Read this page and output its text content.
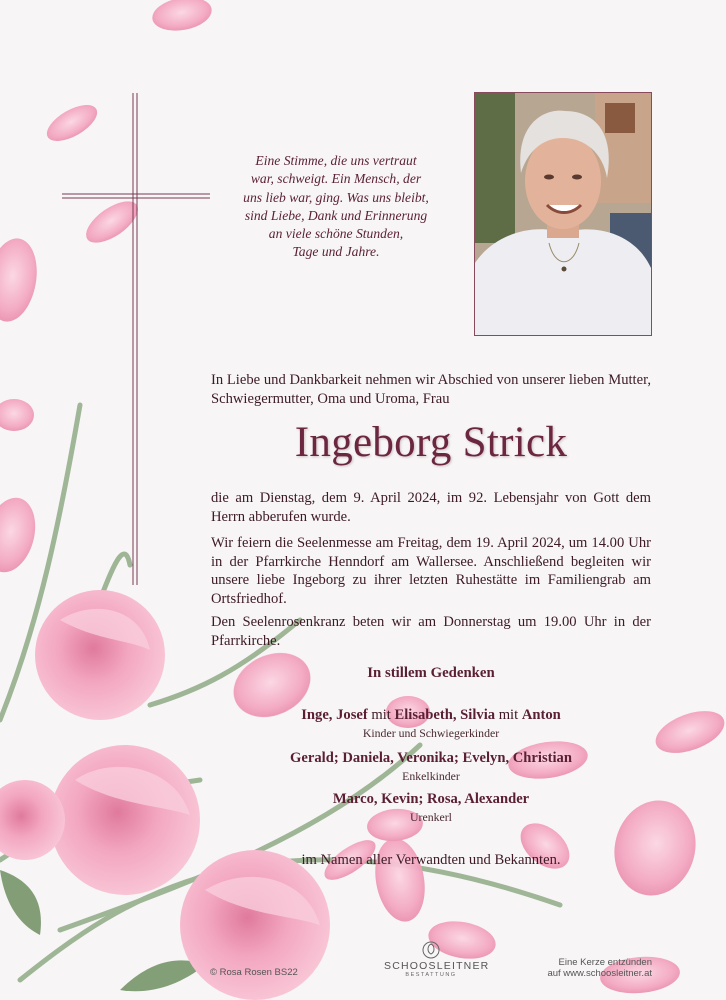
Eine Stimme, die uns vertraut
war, schweigt. Ein Mensch, der
uns lieb war, ging. Was uns bleibt,
sind Liebe, Dank und Erinnerung
an viele schöne Stunden,
Tage und Jahre.

In Liebe und Dankbarkeit nehmen wir Abschied von unserer lieben Mutter, Schwiegermutter, Oma und Uroma, Frau

Ingeborg Strick

die am Dienstag, dem 9. April 2024, im 92. Lebensjahr von Gott dem Herrn abberufen wurde.

Wir feiern die Seelenmesse am Freitag, dem 19. April 2024, um 14.00 Uhr in der Pfarrkirche Henndorf am Wallersee. Anschließend begleiten wir unsere liebe Ingeborg zu ihrer letzten Ruhestätte im Familiengrab am Ortsfriedhof.

Den Seelenrosenkranz beten wir am Donnerstag um 19.00 Uhr in der Pfarrkirche.

In stillem Gedenken
Inge, Josef mit Elisabeth, Silvia mit Anton
Kinder und Schwiegerkinder
Gerald; Daniela, Veronika; Evelyn, Christian
Enkelkinder
Marco, Kevin; Rosa, Alexander
Urenkerl
im Namen aller Verwandten und Bekannten.
© Rosa Rosen BS22
SCHOOSLEITNER
BESTATTUNG
Eine Kerze entzünden
auf www.schoosleitner.at
